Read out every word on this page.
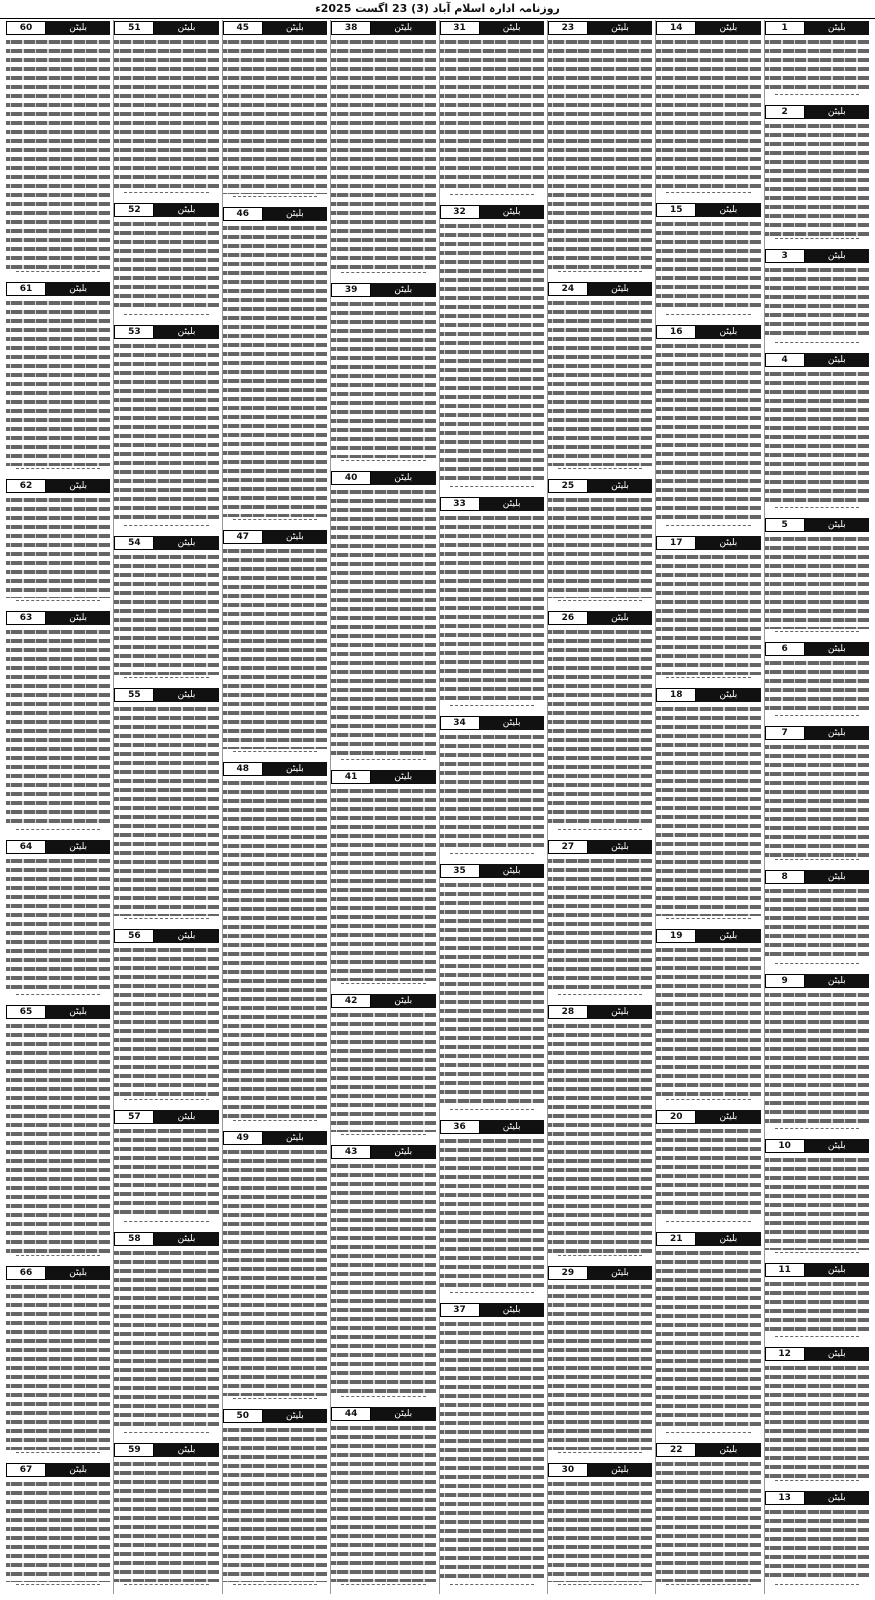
روزنامہ ادارہ اسلام آباد (3) 23 اگست 2025ء
1	بلیٹن
2	بلیٹن
3	بلیٹن
4	بلیٹن
5	بلیٹن
6	بلیٹن
7	بلیٹن
8	بلیٹن
9	بلیٹن
10	بلیٹن
11	بلیٹن
12	بلیٹن
13	بلیٹن
14	بلیٹن
15	بلیٹن
16	بلیٹن
17	بلیٹن
18	بلیٹن
19	بلیٹن
20	بلیٹن
21	بلیٹن
22	بلیٹن
23	بلیٹن
24	بلیٹن
25	بلیٹن
26	بلیٹن
27	بلیٹن
28	بلیٹن
29	بلیٹن
30	بلیٹن
31	بلیٹن
32	بلیٹن
33	بلیٹن
34	بلیٹن
35	بلیٹن
36	بلیٹن
37	بلیٹن
38	بلیٹن
39	بلیٹن
40	بلیٹن
41	بلیٹن
42	بلیٹن
43	بلیٹن
44	بلیٹن
45	بلیٹن
46	بلیٹن
47	بلیٹن
48	بلیٹن
49	بلیٹن
50	بلیٹن
51	بلیٹن
52	بلیٹن
53	بلیٹن
54	بلیٹن
55	بلیٹن
56	بلیٹن
57	بلیٹن
58	بلیٹن
59	بلیٹن
60	بلیٹن
61	بلیٹن
62	بلیٹن
63	بلیٹن
64	بلیٹن
65	بلیٹن
66	بلیٹن
67	بلیٹن
